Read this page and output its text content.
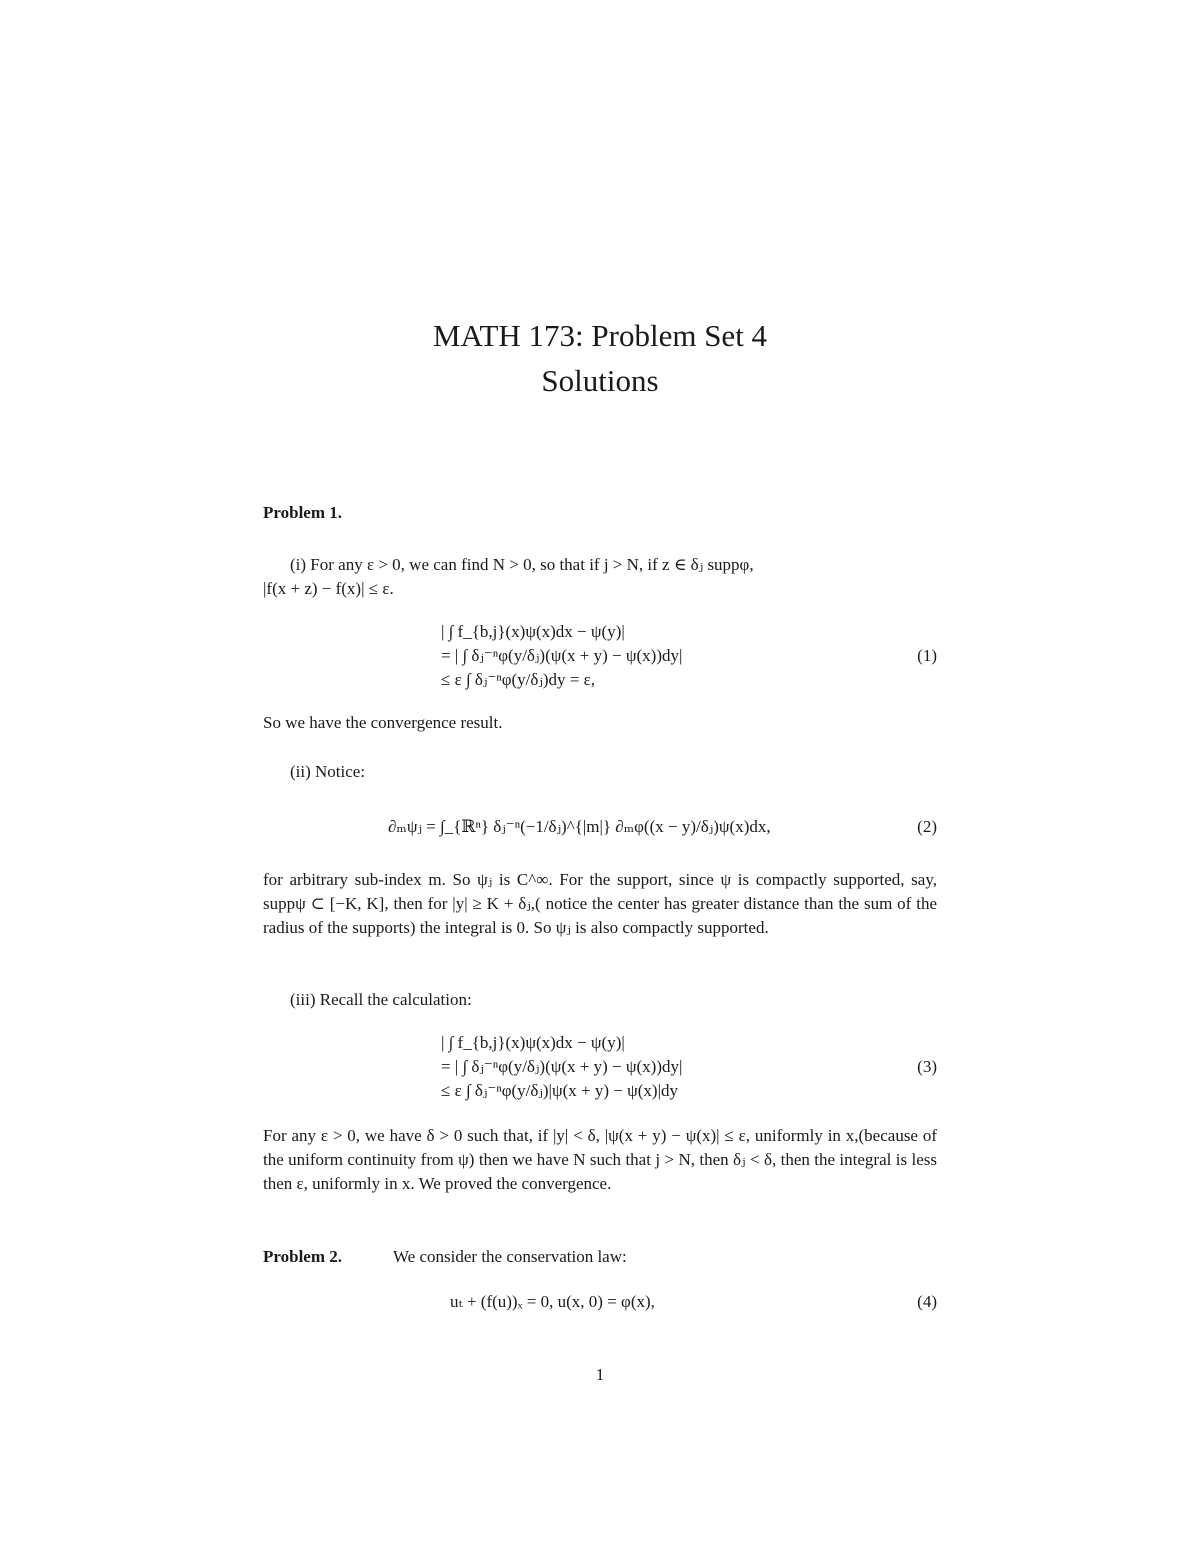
MATH 173: Problem Set 4
Solutions
Problem 1.
(i) For any ε > 0, we can find N > 0, so that if j > N, if z ∈ δⱼ suppφ,
|f(x + z) − f(x)| ≤ ε.
| ∫ f_{b,j}(x)ψ(x)dx − ψ(y)|
= | ∫ δⱼ⁻ⁿφ(y/δⱼ)(ψ(x + y) − ψ(x))dy|
≤ ε ∫ δⱼ⁻ⁿφ(y/δⱼ)dy = ε,
(1)
So we have the convergence result.
(ii) Notice:
∂ₘψⱼ = ∫_{ℝⁿ} δⱼ⁻ⁿ(−1/δⱼ)^{|m|} ∂ₘφ((x − y)/δⱼ)ψ(x)dx,	(2)
for arbitrary sub-index m. So ψⱼ is C^∞. For the support, since ψ is compactly supported, say, suppψ ⊂ [−K, K], then for |y| ≥ K + δⱼ,( notice the center has greater distance than the sum of the radius of the supports) the integral is 0. So ψⱼ is also compactly supported.
(iii) Recall the calculation:
| ∫ f_{b,j}(x)ψ(x)dx − ψ(y)|
= | ∫ δⱼ⁻ⁿφ(y/δⱼ)(ψ(x + y) − ψ(x))dy|
≤ ε ∫ δⱼ⁻ⁿφ(y/δⱼ)|ψ(x + y) − ψ(x)|dy
(3)
For any ε > 0, we have δ > 0 such that, if |y| < δ, |ψ(x + y) − ψ(x)| ≤ ε, uniformly in x,(because of the uniform continuity from ψ) then we have N such that j > N, then δⱼ < δ, then the integral is less then ε, uniformly in x. We proved the convergence.
Problem 2.	We consider the conservation law:
uₜ + (f(u))ₓ = 0, u(x, 0) = φ(x),	(4)
1
